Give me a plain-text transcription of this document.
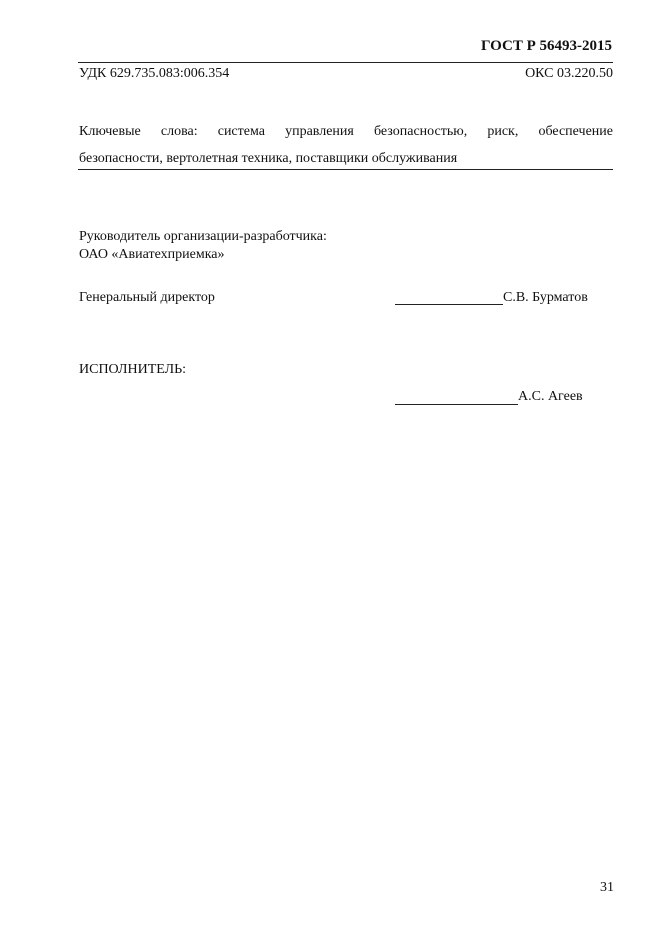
ГОСТ Р 56493-2015
УДК 629.735.083:006.354	ОКС 03.220.50
Ключевые слова: система управления безопасностью, риск, обеспечение
безопасности, вертолетная техника, поставщики обслуживания
Руководитель организации-разработчика:
ОАО «Авиатехприемка»
Генеральный директор	С.В. Бурматов
ИСПОЛНИТЕЛЬ:
А.С. Агеев
31
